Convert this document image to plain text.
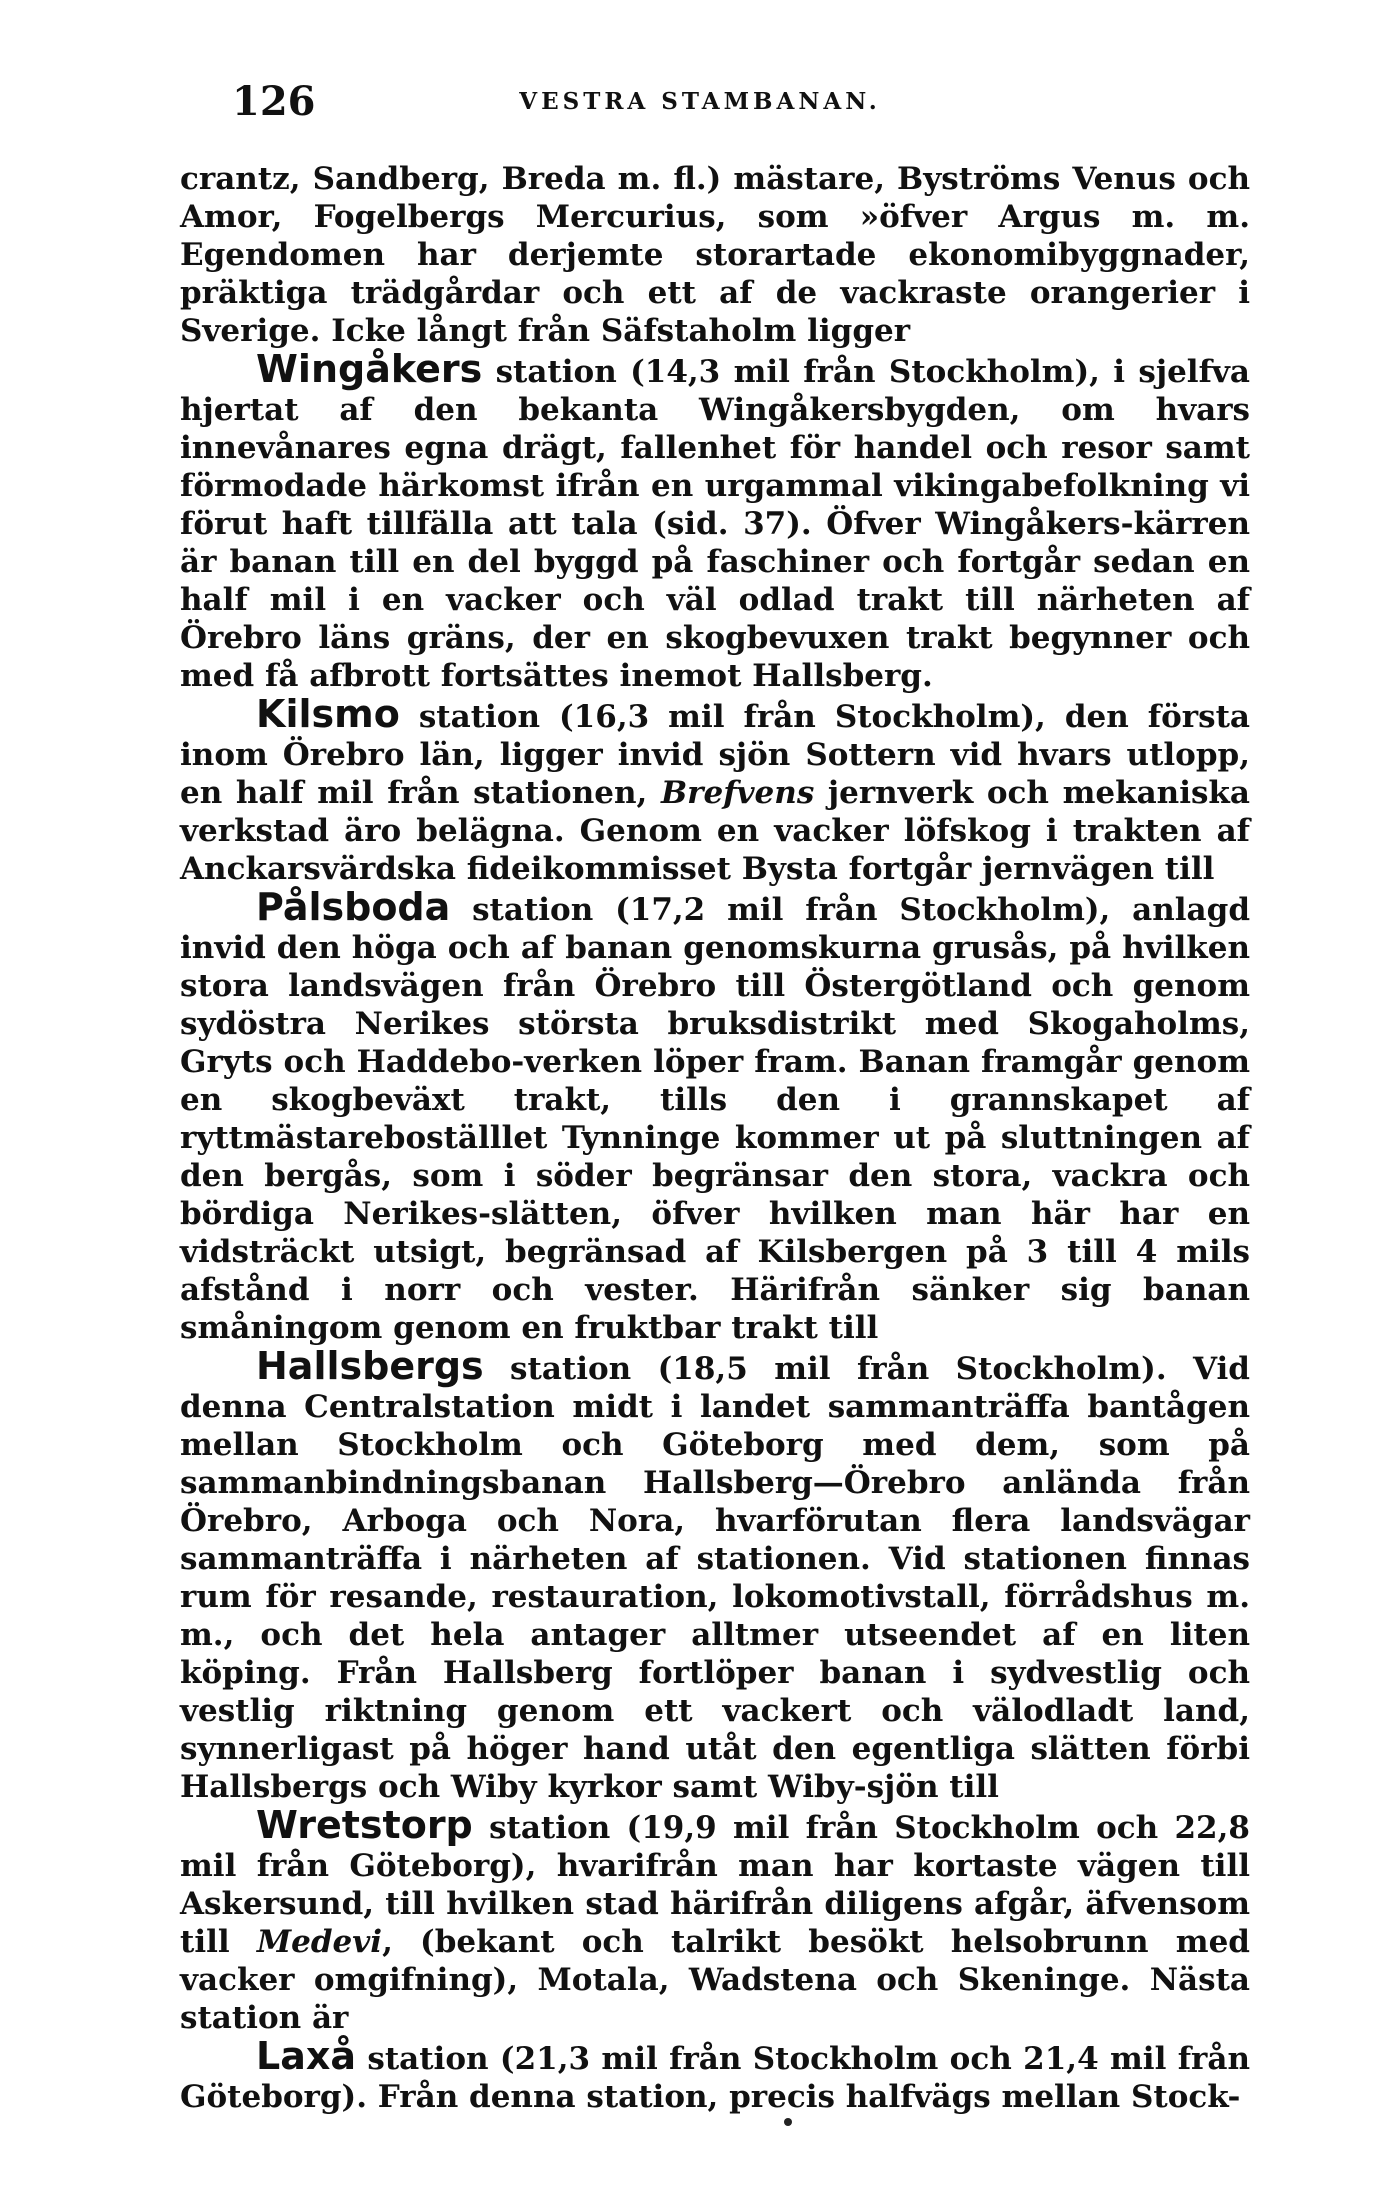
126	VESTRA STAMBANAN.

crantz, Sandberg, Breda m. fl.) mästare, Byströms Venus och Amor, Fogelbergs Mercurius, som »öfver Argus m. m. Egendomen har derjemte storartade ekonomibyggnader, präktiga trädgårdar och ett af de vackraste orangerier i Sverige. Icke långt från Säfstaholm ligger

Wingåkers station (14,3 mil från Stockholm), i sjelfva hjertat af den bekanta Wingåkersbygden, om hvars innevånares egna drägt, fallenhet för handel och resor samt förmodade härkomst ifrån en urgammal vikingabefolkning vi förut haft tillfälla att tala (sid. 37). Öfver Wingåkers-kärren är banan till en del byggd på faschiner och fortgår sedan en half mil i en vacker och väl odlad trakt till närheten af Örebro läns gräns, der en skogbevuxen trakt begynner och med få afbrott fortsättes inemot Hallsberg.

Kilsmo station (16,3 mil från Stockholm), den första inom Örebro län, ligger invid sjön Sottern vid hvars utlopp, en half mil från stationen, Brefvens jernverk och mekaniska verkstad äro belägna. Genom en vacker löfskog i trakten af Anckarsvärdska fideikommisset Bysta fortgår jernvägen till

Pålsboda station (17,2 mil från Stockholm), anlagd invid den höga och af banan genomskurna grusås, på hvilken stora landsvägen från Örebro till Östergötland och genom sydöstra Nerikes största bruksdistrikt med Skogaholms, Gryts och Haddebo-verken löper fram. Banan framgår genom en skogbeväxt trakt, tills den i grannskapet af ryttmästareboställlet Tynninge kommer ut på sluttningen af den bergås, som i söder begränsar den stora, vackra och bördiga Nerikes-slätten, öfver hvilken man här har en vidsträckt utsigt, begränsad af Kilsbergen på 3 till 4 mils afstånd i norr och vester. Härifrån sänker sig banan småningom genom en fruktbar trakt till

Hallsbergs station (18,5 mil från Stockholm). Vid denna Centralstation midt i landet sammanträffa bantågen mellan Stockholm och Göteborg med dem, som på sammanbindningsbanan Hallsberg—Örebro anlända från Örebro, Arboga och Nora, hvarförutan flera landsvägar sammanträffa i närheten af stationen. Vid stationen finnas rum för resande, restauration, lokomotivstall, förrådshus m. m., och det hela antager alltmer utseendet af en liten köping. Från Hallsberg fortlöper banan i sydvestlig och vestlig riktning genom ett vackert och välodladt land, synnerligast på höger hand utåt den egentliga slätten förbi Hallsbergs och Wiby kyrkor samt Wiby-sjön till

Wretstorp station (19,9 mil från Stockholm och 22,8 mil från Göteborg), hvarifrån man har kortaste vägen till Askersund, till hvilken stad härifrån diligens afgår, äfvensom till Medevi, (bekant och talrikt besökt helsobrunn med vacker omgifning), Motala, Wadstena och Skeninge. Nästa station är

Laxå station (21,3 mil från Stockholm och 21,4 mil från Göteborg). Från denna station, precis halfvägs mellan Stock-
